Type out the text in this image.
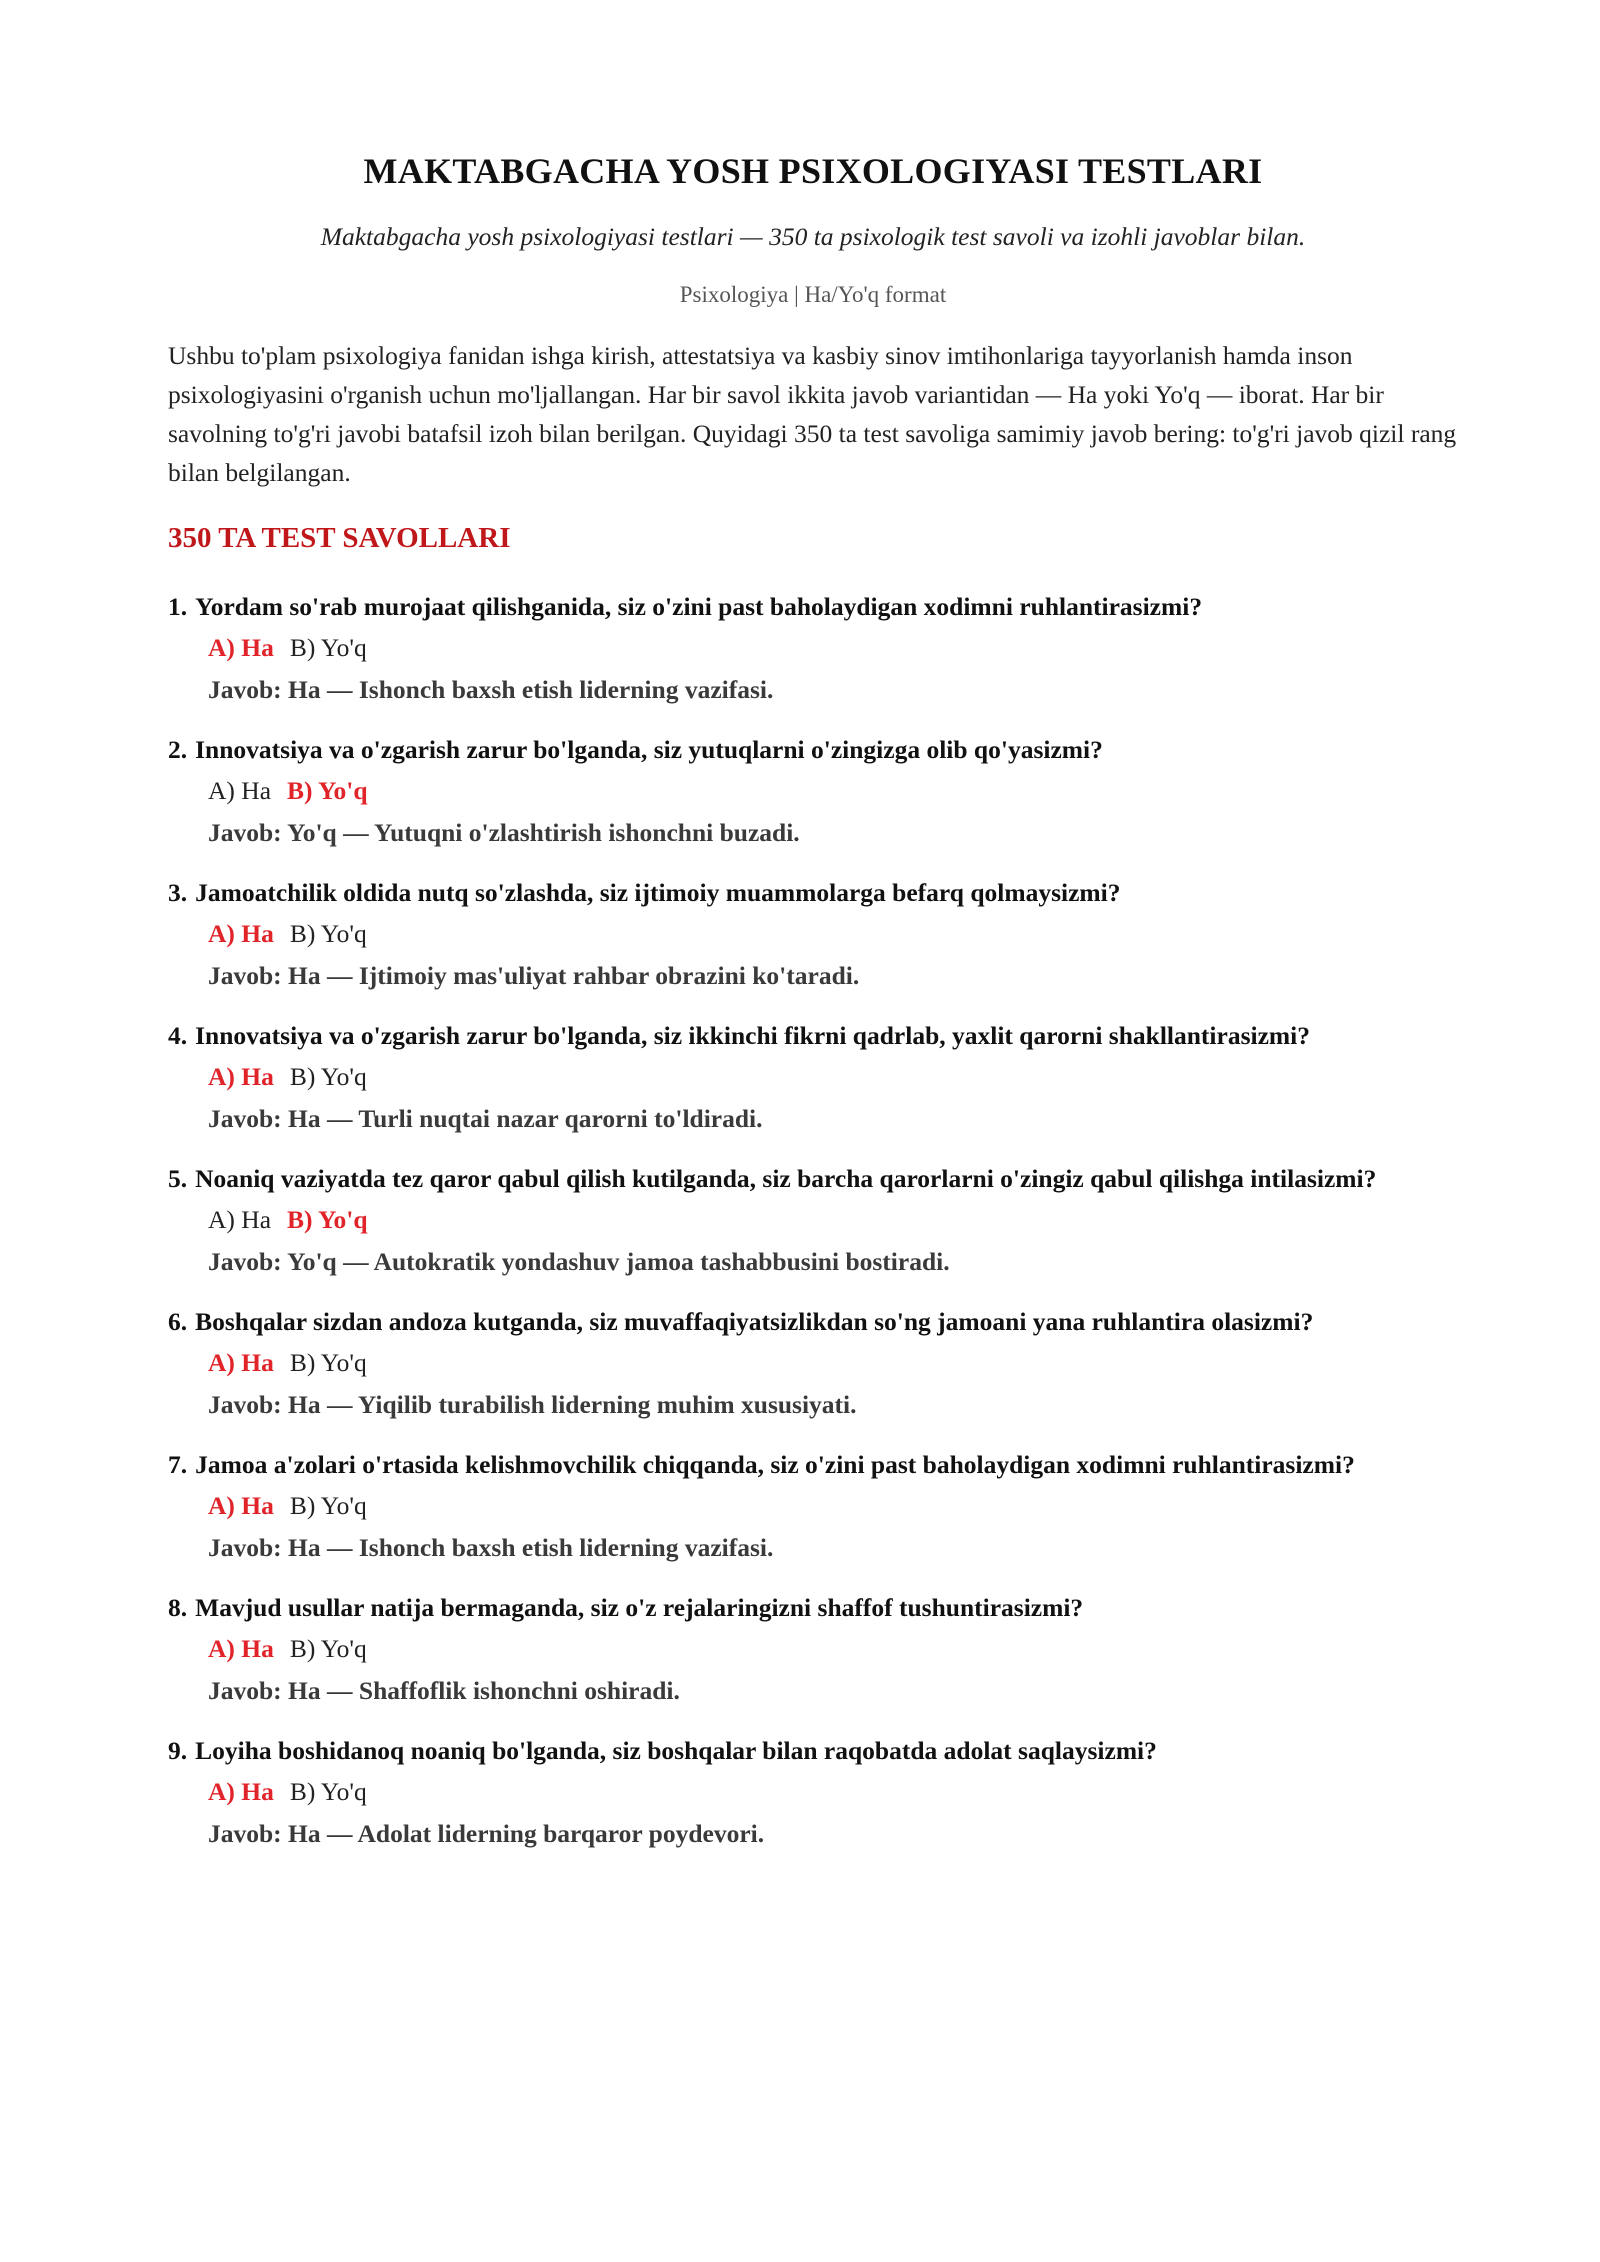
MAKTABGACHA YOSH PSIXOLOGIYASI TESTLARI

Maktabgacha yosh psixologiyasi testlari — 350 ta psixologik test savoli va izohli javoblar bilan.

Psixologiya | Ha/Yo'q format

Ushbu to'plam psixologiya fanidan ishga kirish, attestatsiya va kasbiy sinov imtihonlariga tayyorlanish hamda inson psixologiyasini o'rganish uchun mo'ljallangan. Har bir savol ikkita javob variantidan — Ha yoki Yo'q — iborat. Har bir savolning to'g'ri javobi batafsil izoh bilan berilgan. Quyidagi 350 ta test savoliga samimiy javob bering: to'g'ri javob qizil rang bilan belgilangan.

350 TA TEST SAVOLLARI
1. Yordam so'rab murojaat qilishganida, siz o'zini past baholaydigan xodimni ruhlantirasizmi?
A) Ha B) Yo'q
Javob: Ha — Ishonch baxsh etish liderning vazifasi.
2. Innovatsiya va o'zgarish zarur bo'lganda, siz yutuqlarni o'zingizga olib qo'yasizmi?
A) Ha B) Yo'q
Javob: Yo'q — Yutuqni o'zlashtirish ishonchni buzadi.
3. Jamoatchilik oldida nutq so'zlashda, siz ijtimoiy muammolarga befarq qolmaysizmi?
A) Ha B) Yo'q
Javob: Ha — Ijtimoiy mas'uliyat rahbar obrazini ko'taradi.
4. Innovatsiya va o'zgarish zarur bo'lganda, siz ikkinchi fikrni qadrlab, yaxlit qarorni shakllantirasizmi?
A) Ha B) Yo'q
Javob: Ha — Turli nuqtai nazar qarorni to'ldiradi.
5. Noaniq vaziyatda tez qaror qabul qilish kutilganda, siz barcha qarorlarni o'zingiz qabul qilishga intilasizmi?
A) Ha B) Yo'q
Javob: Yo'q — Autokratik yondashuv jamoa tashabbusini bostiradi.
6. Boshqalar sizdan andoza kutganda, siz muvaffaqiyatsizlikdan so'ng jamoani yana ruhlantira olasizmi?
A) Ha B) Yo'q
Javob: Ha — Yiqilib turabilish liderning muhim xususiyati.
7. Jamoa a'zolari o'rtasida kelishmovchilik chiqqanda, siz o'zini past baholaydigan xodimni ruhlantirasizmi?
A) Ha B) Yo'q
Javob: Ha — Ishonch baxsh etish liderning vazifasi.
8. Mavjud usullar natija bermaganda, siz o'z rejalaringizni shaffof tushuntirasizmi?
A) Ha B) Yo'q
Javob: Ha — Shaffoflik ishonchni oshiradi.
9. Loyiha boshidanoq noaniq bo'lganda, siz boshqalar bilan raqobatda adolat saqlaysizmi?
A) Ha B) Yo'q
Javob: Ha — Adolat liderning barqaror poydevori.
